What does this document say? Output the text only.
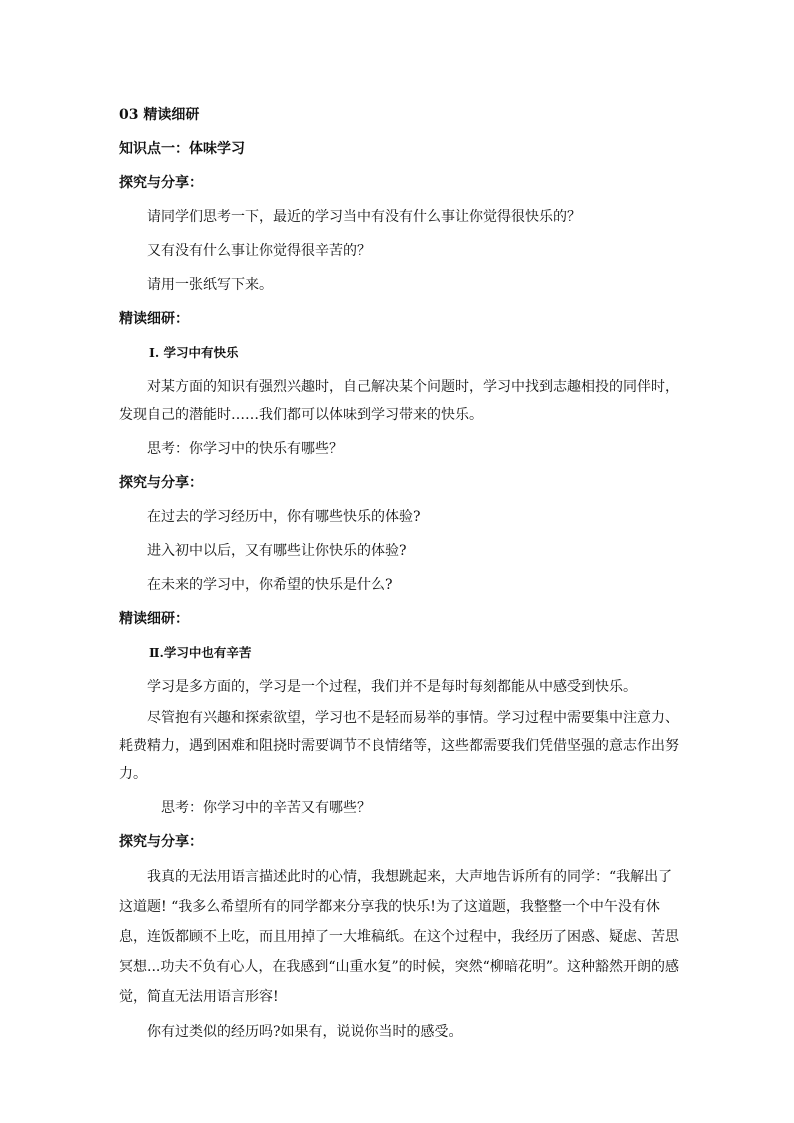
03 精读细研
知识点一：体味学习
探究与分享：
请同学们思考一下，最近的学习当中有没有什么事让你觉得很快乐的？
又有没有什么事让你觉得很辛苦的？
请用一张纸写下来。
精读细研：
Ⅰ. 学习中有快乐
对某方面的知识有强烈兴趣时，自己解决某个问题时，学习中找到志趣相投的同伴时，发现自己的潜能时……我们都可以体味到学习带来的快乐。
思考：你学习中的快乐有哪些？
探究与分享：
在过去的学习经历中，你有哪些快乐的体验?
进入初中以后，又有哪些让你快乐的体验?
在未来的学习中，你希望的快乐是什么?
精读细研：
Ⅱ.学习中也有辛苦
学习是多方面的，学习是一个过程，我们并不是每时每刻都能从中感受到快乐。
尽管抱有兴趣和探索欲望，学习也不是轻而易举的事情。学习过程中需要集中注意力、耗费精力，遇到困难和阻挠时需要调节不良情绪等，这些都需要我们凭借坚强的意志作出努力。
思考：你学习中的辛苦又有哪些？
探究与分享：
我真的无法用语言描述此时的心情，我想跳起来，大声地告诉所有的同学：“我解出了这道题! “我多么希望所有的同学都来分享我的快乐!为了这道题，我整整一个中午没有休息，连饭都顾不上吃，而且用掉了一大堆稿纸。在这个过程中，我经历了困惑、疑虑、苦思冥想...功夫不负有心人，在我感到“山重水复”的时候，突然“柳暗花明”。这种豁然开朗的感觉，简直无法用语言形容!
你有过类似的经历吗?如果有，说说你当时的感受。
